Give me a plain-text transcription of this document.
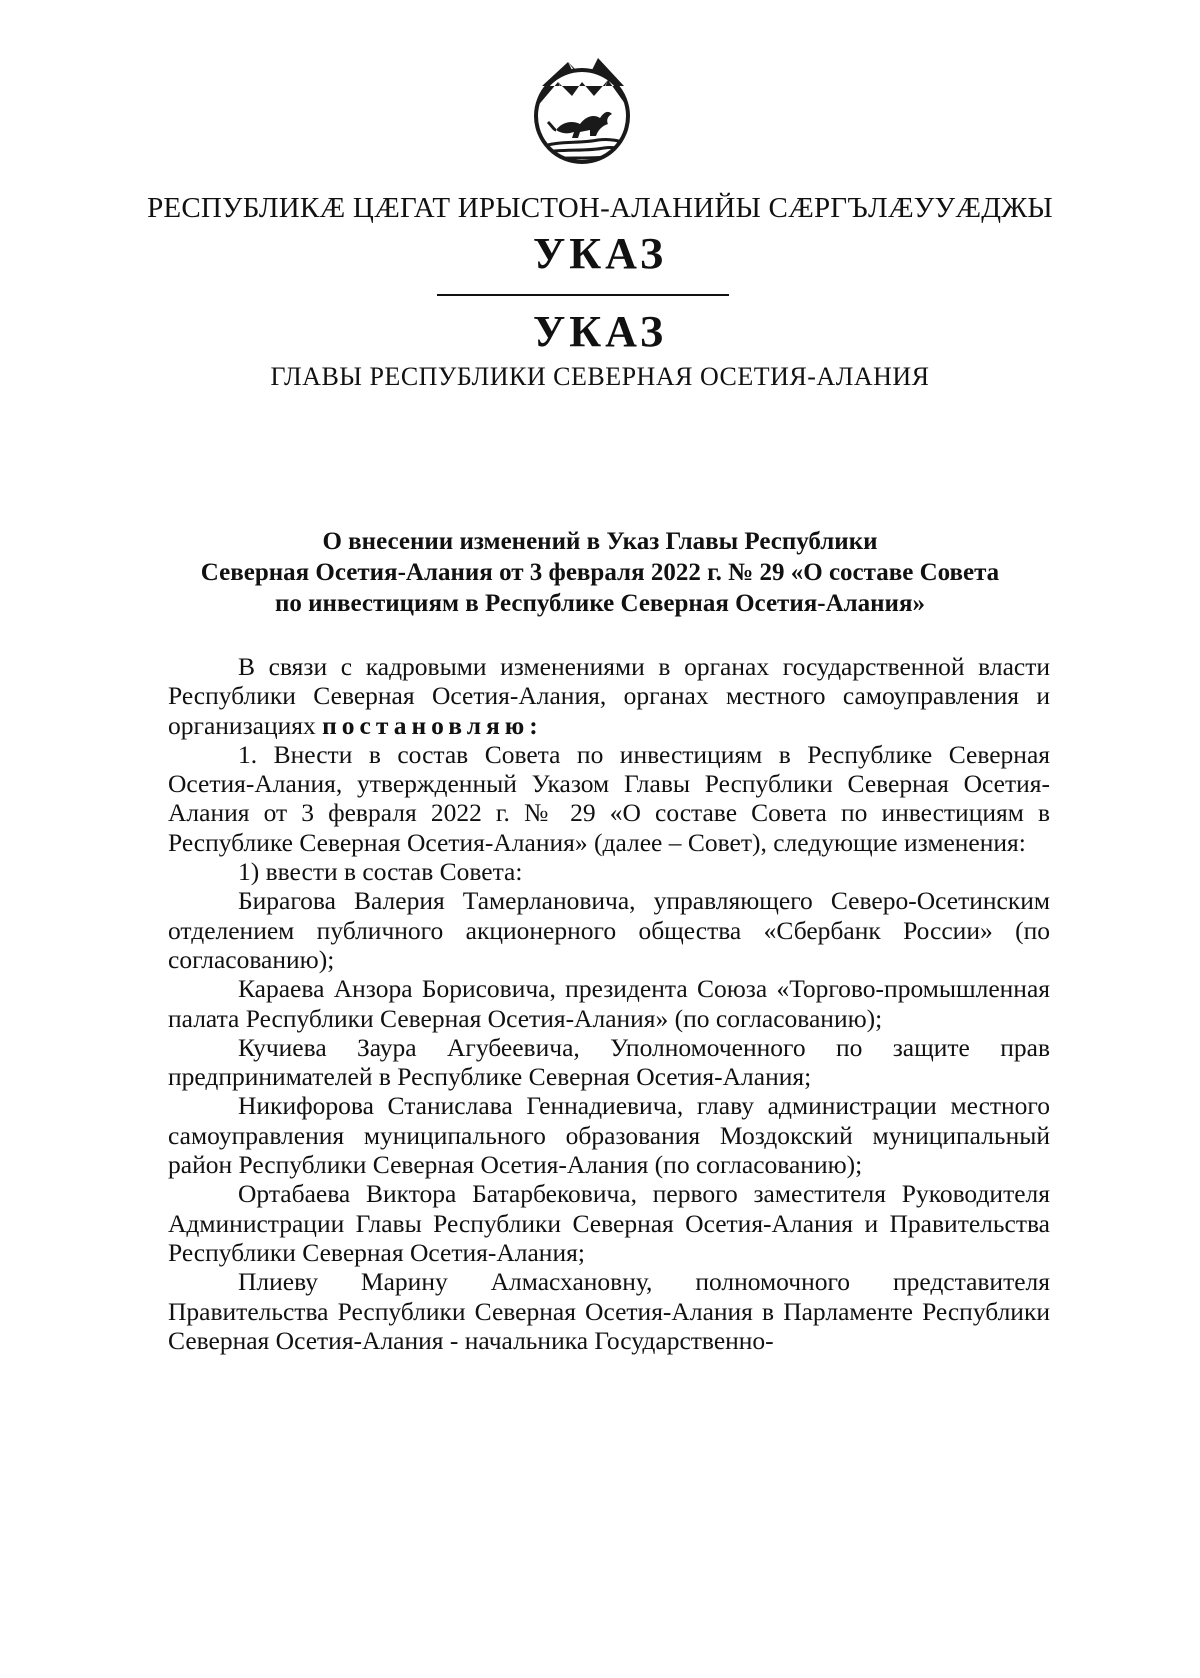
РЕСПУБЛИКӔ ЦӔГАТ ИРЫСТОН-АЛАНИЙЫ СӔРГЪЛӔУУӔДЖЫ
УКАЗ
УКАЗ
ГЛАВЫ РЕСПУБЛИКИ СЕВЕРНАЯ ОСЕТИЯ-АЛАНИЯ
О внесении изменений в Указ Главы Республики
Северная Осетия-Алания от 3 февраля 2022 г. № 29 «О составе Совета
по инвестициям в Республике Северная Осетия-Алания»

В связи с кадровыми изменениями в органах государственной власти Республики Северная Осетия-Алания, органах местного самоуправления и организациях постановляю:

1. Внести в состав Совета по инвестициям в Республике Северная Осетия-Алания, утвержденный Указом Главы Республики Северная Осетия-Алания от 3 февраля 2022 г. № 29 «О составе Совета по инвестициям в Республике Северная Осетия-Алания» (далее – Совет), следующие изменения:

1) ввести в состав Совета:

Бирагова Валерия Тамерлановича, управляющего Северо-Осетинским отделением публичного акционерного общества «Сбербанк России» (по согласованию);

Караева Анзора Борисовича, президента Союза «Торгово-промышленная палата Республики Северная Осетия-Алания» (по согласованию);

Кучиева Заура Агубеевича, Уполномоченного по защите прав предпринимателей в Республике Северная Осетия-Алания;

Никифорова Станислава Геннадиевича, главу администрации местного самоуправления муниципального образования Моздокский муниципальный район Республики Северная Осетия-Алания (по согласованию);

Ортабаева Виктора Батарбековича, первого заместителя Руководителя Администрации Главы Республики Северная Осетия-Алания и Правительства Республики Северная Осетия-Алания;

Плиеву Марину Алмасхановну, полномочного представителя Правительства Республики Северная Осетия-Алания в Парламенте Республики Северная Осетия-Алания - начальника Государственно-
